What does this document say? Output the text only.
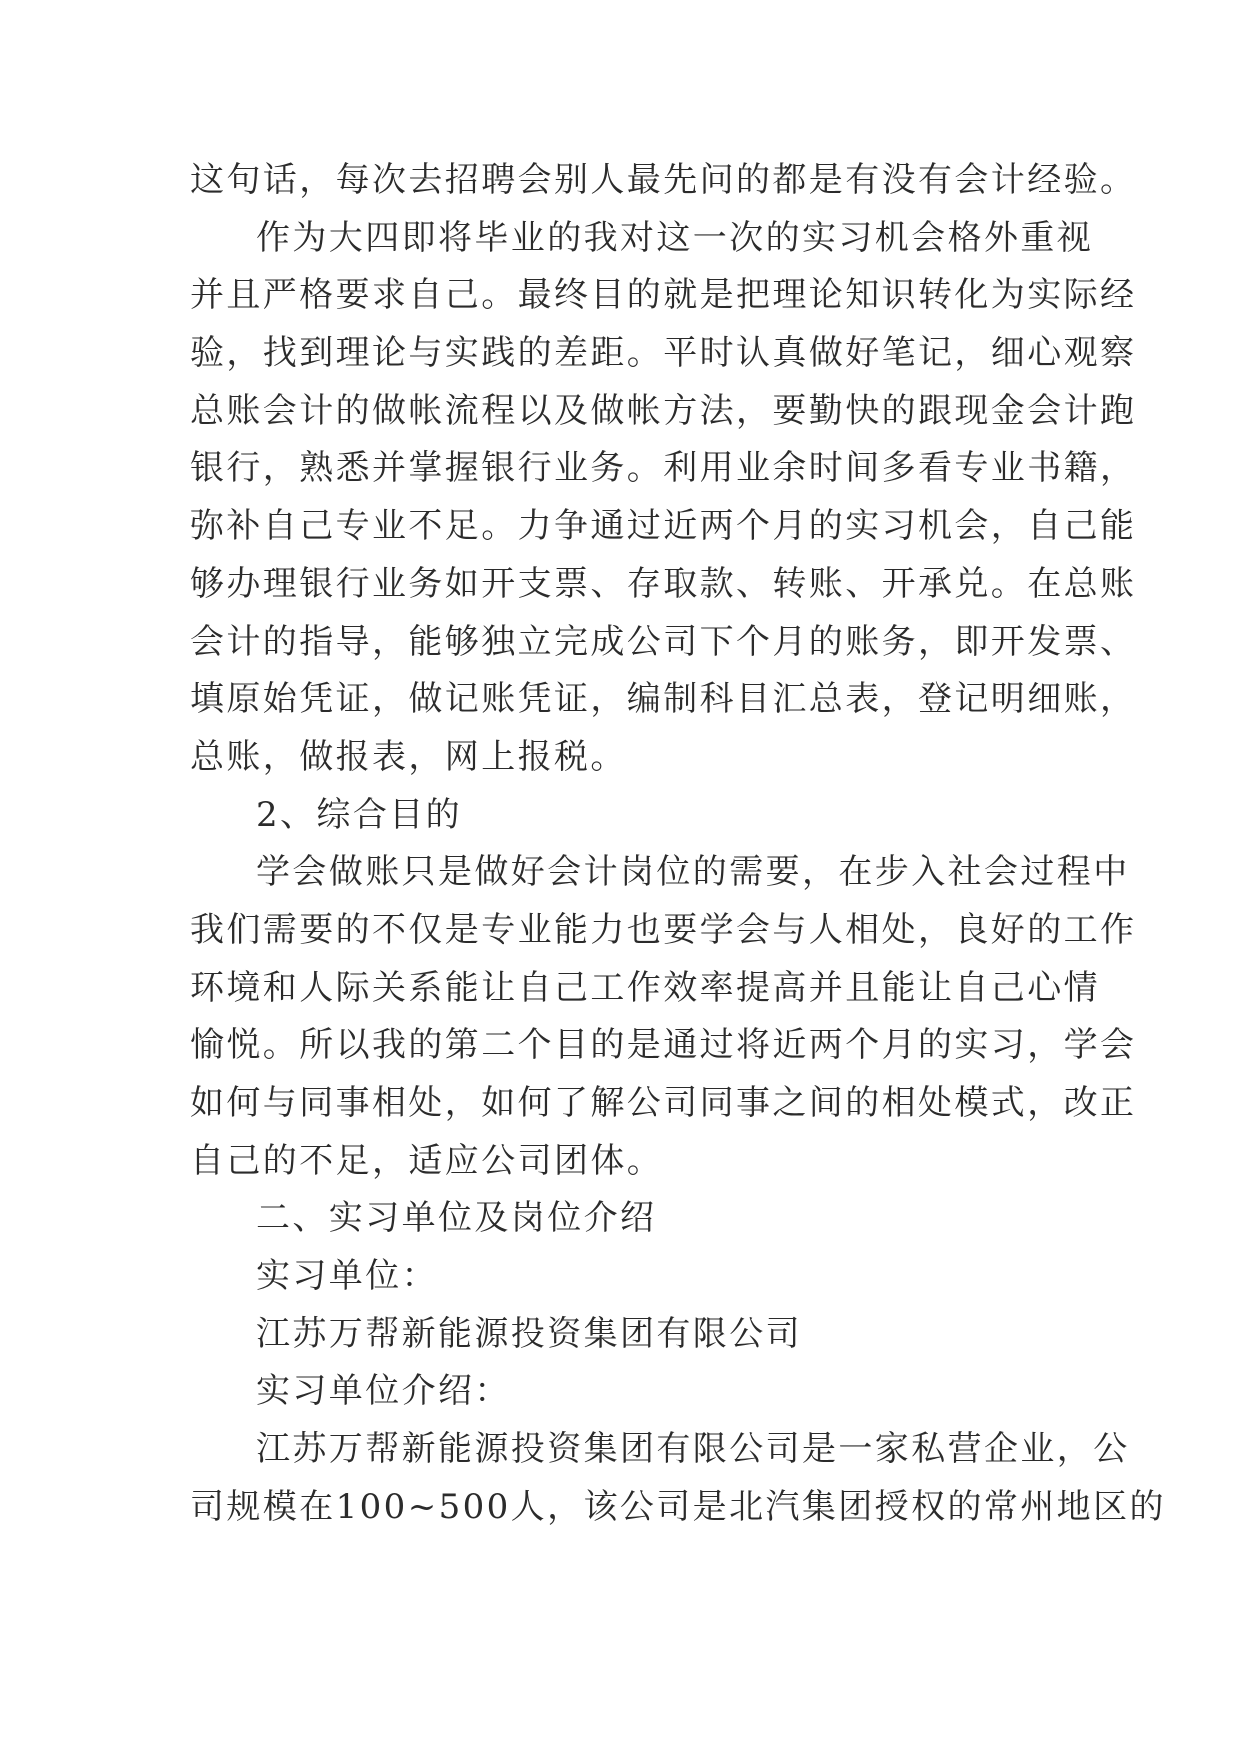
这句话，每次去招聘会别人最先问的都是有没有会计经验。
作为大四即将毕业的我对这一次的实习机会格外重视
并且严格要求自己。最终目的就是把理论知识转化为实际经
验，找到理论与实践的差距。平时认真做好笔记，细心观察
总账会计的做帐流程以及做帐方法，要勤快的跟现金会计跑
银行，熟悉并掌握银行业务。利用业余时间多看专业书籍，
弥补自己专业不足。力争通过近两个月的实习机会，自己能
够办理银行业务如开支票、存取款、转账、开承兑。在总账
会计的指导，能够独立完成公司下个月的账务，即开发票、
填原始凭证，做记账凭证，编制科目汇总表，登记明细账，
总账，做报表，网上报税。
2、综合目的
学会做账只是做好会计岗位的需要，在步入社会过程中
我们需要的不仅是专业能力也要学会与人相处，良好的工作
环境和人际关系能让自己工作效率提高并且能让自己心情
愉悦。所以我的第二个目的是通过将近两个月的实习，学会
如何与同事相处，如何了解公司同事之间的相处模式，改正
自己的不足，适应公司团体。
二、实习单位及岗位介绍
实习单位：
江苏万帮新能源投资集团有限公司
实习单位介绍：
江苏万帮新能源投资集团有限公司是一家私营企业，公
司规模在100~500人，该公司是北汽集团授权的常州地区的
